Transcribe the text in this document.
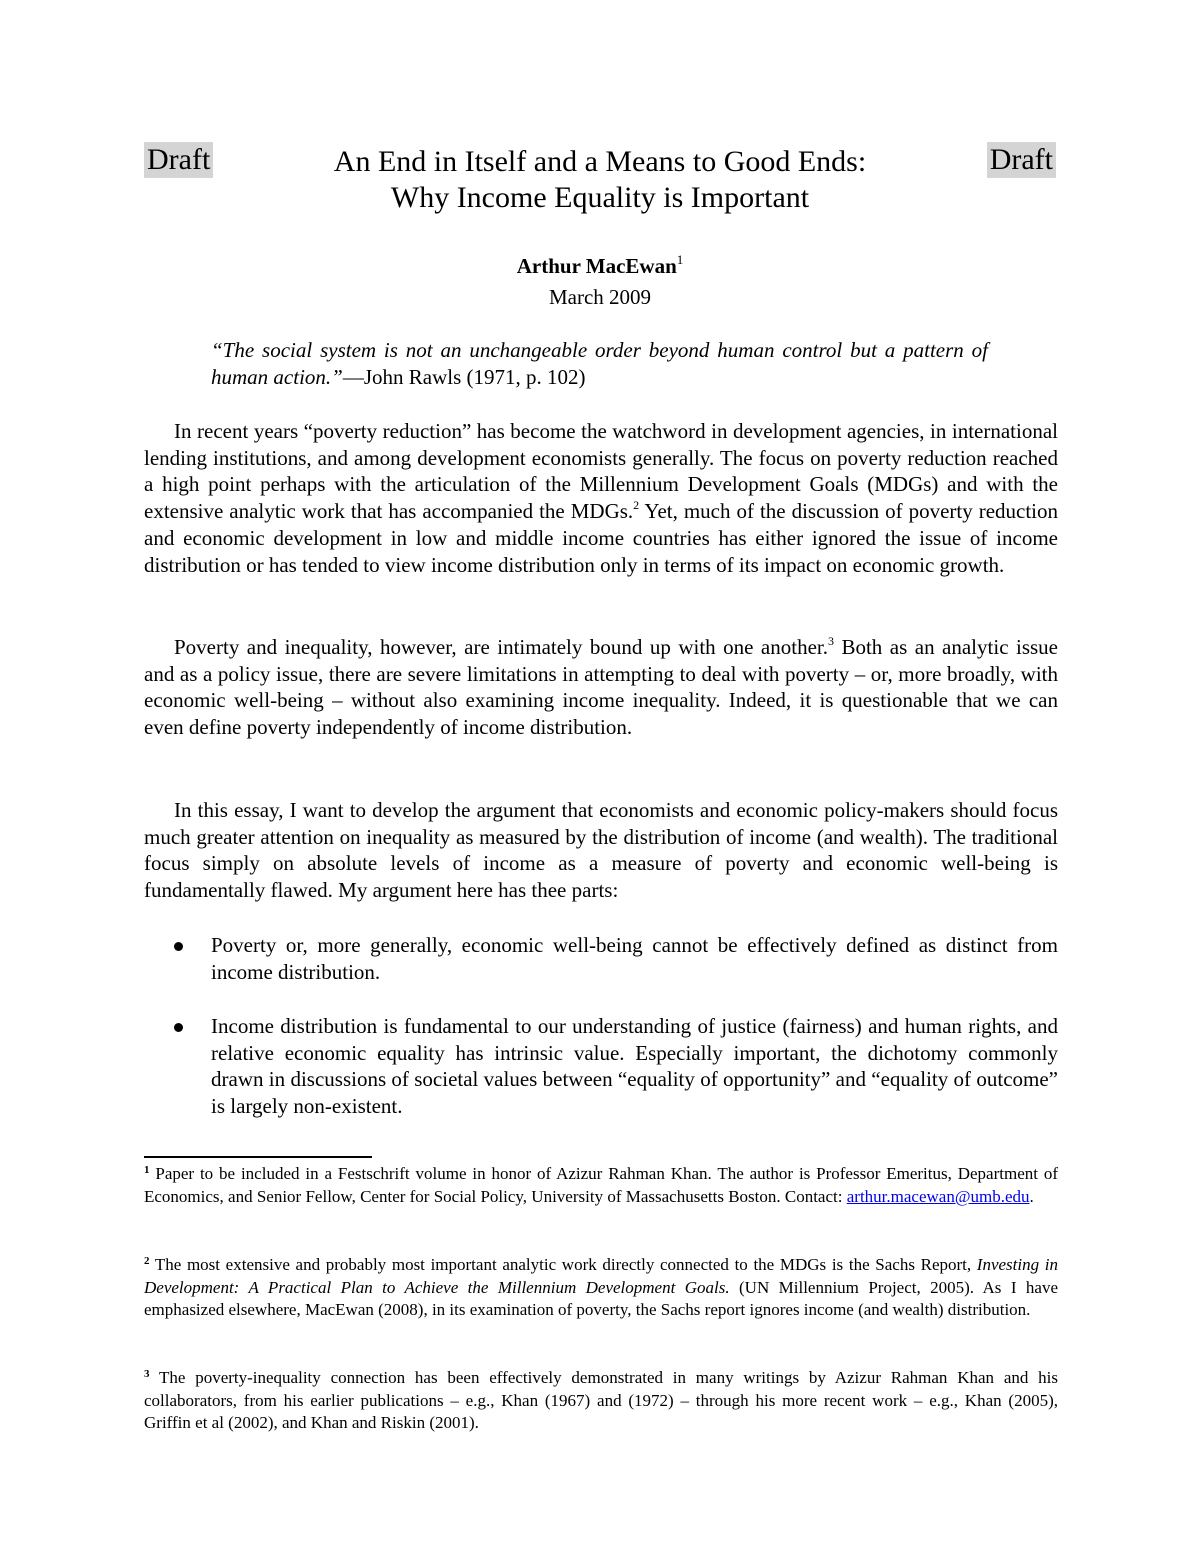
Draft	An End in Itself and a Means to Good Ends:
Why Income Equality is Important
Draft
Arthur MacEwan$^1$
March 2009
“The social system is not an unchangeable order beyond human control but a pattern of human action.”—John Rawls (1971, p. 102)

In recent years “poverty reduction” has become the watchword in development agencies, in international lending institutions, and among development economists generally. The focus on poverty reduction reached a high point perhaps with the articulation of the Millennium Development Goals (MDGs) and with the extensive analytic work that has accompanied the MDGs.$^2$ Yet, much of the discussion of poverty reduction and economic development in low and middle income countries has either ignored the issue of income distribution or has tended to view income distribution only in terms of its impact on economic growth.

Poverty and inequality, however, are intimately bound up with one another.$^3$ Both as an analytic issue and as a policy issue, there are severe limitations in attempting to deal with poverty – or, more broadly, with economic well-being – without also examining income inequality. Indeed, it is questionable that we can even define poverty independently of income distribution.

In this essay, I want to develop the argument that economists and economic policy-makers should focus much greater attention on inequality as measured by the distribution of income (and wealth). The traditional focus simply on absolute levels of income as a measure of poverty and economic well-being is fundamentally flawed. My argument here has thee parts:

Poverty or, more generally, economic well-being cannot be effectively defined as distinct from income distribution.
Income distribution is fundamental to our understanding of justice (fairness) and human rights, and relative economic equality has intrinsic value. Especially important, the dichotomy commonly drawn in discussions of societal values between “equality of opportunity” and “equality of outcome” is largely non-existent.

$^1$ Paper to be included in a Festschrift volume in honor of Azizur Rahman Khan. The author is Professor Emeritus, Department of Economics, and Senior Fellow, Center for Social Policy, University of Massachusetts Boston. Contact: arthur.macewan@umb.edu.

$^2$ The most extensive and probably most important analytic work directly connected to the MDGs is the Sachs Report, Investing in Development: A Practical Plan to Achieve the Millennium Development Goals. (UN Millennium Project, 2005). As I have emphasized elsewhere, MacEwan (2008), in its examination of poverty, the Sachs report ignores income (and wealth) distribution.

$^3$ The poverty-inequality connection has been effectively demonstrated in many writings by Azizur Rahman Khan and his collaborators, from his earlier publications – e.g., Khan (1967) and (1972) – through his more recent work – e.g., Khan (2005), Griffin et al (2002), and Khan and Riskin (2001).
